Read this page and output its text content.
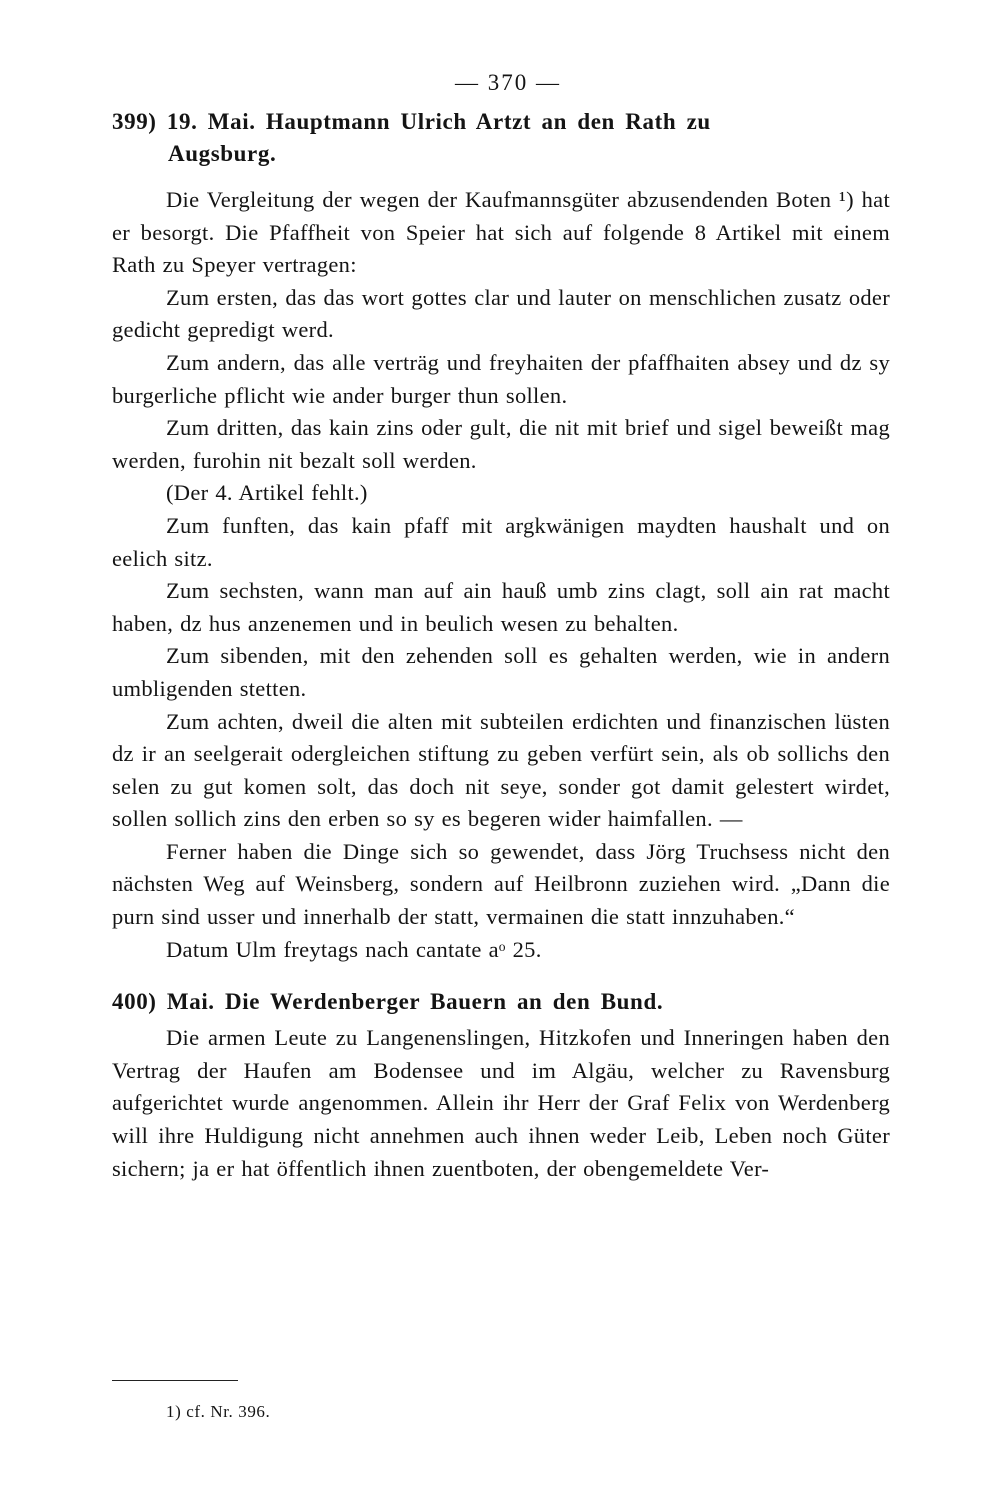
— 370 —
399) 19. Mai. Hauptmann Ulrich Artzt an den Rath zu
Augsburg.

Die Vergleitung der wegen der Kaufmannsgüter abzusendenden Boten ¹) hat er besorgt. Die Pfaffheit von Speier hat sich auf folgende 8 Artikel mit einem Rath zu Speyer vertragen:

Zum ersten, das das wort gottes clar und lauter on menschlichen zusatz oder gedicht gepredigt werd.

Zum andern, das alle verträg und freyhaiten der pfaffhaiten absey und dz sy burgerliche pflicht wie ander burger thun sollen.

Zum dritten, das kain zins oder gult, die nit mit brief und sigel beweißt mag werden, furohin nit bezalt soll werden.

(Der 4. Artikel fehlt.)

Zum funften, das kain pfaff mit argkwänigen maydten haushalt und on eelich sitz.

Zum sechsten, wann man auf ain hauß umb zins clagt, soll ain rat macht haben, dz hus anzenemen und in beulich wesen zu behalten.

Zum sibenden, mit den zehenden soll es gehalten werden, wie in andern umbligenden stetten.

Zum achten, dweil die alten mit subteilen erdichten und finanzischen lüsten dz ir an seelgerait odergleichen stiftung zu geben verfürt sein, als ob sollichs den selen zu gut komen solt, das doch nit seye, sonder got damit gelestert wirdet, sollen sollich zins den erben so sy es begeren wider haimfallen. —

Ferner haben die Dinge sich so gewendet, dass Jörg Truchsess nicht den nächsten Weg auf Weinsberg, sondern auf Heilbronn zuziehen wird. „Dann die purn sind usser und innerhalb der statt, vermainen die statt innzuhaben.“

Datum Ulm freytags nach cantate aᵒ 25.

400) Mai. Die Werdenberger Bauern an den Bund.

Die armen Leute zu Langenenslingen, Hitzkofen und Inneringen haben den Vertrag der Haufen am Bodensee und im Algäu, welcher zu Ravensburg aufgerichtet wurde angenommen. Allein ihr Herr der Graf Felix von Werdenberg will ihre Huldigung nicht annehmen auch ihnen weder Leib, Leben noch Güter sichern; ja er hat öffentlich ihnen zuentboten, der obengemeldete Ver-

1) cf. Nr. 396.
